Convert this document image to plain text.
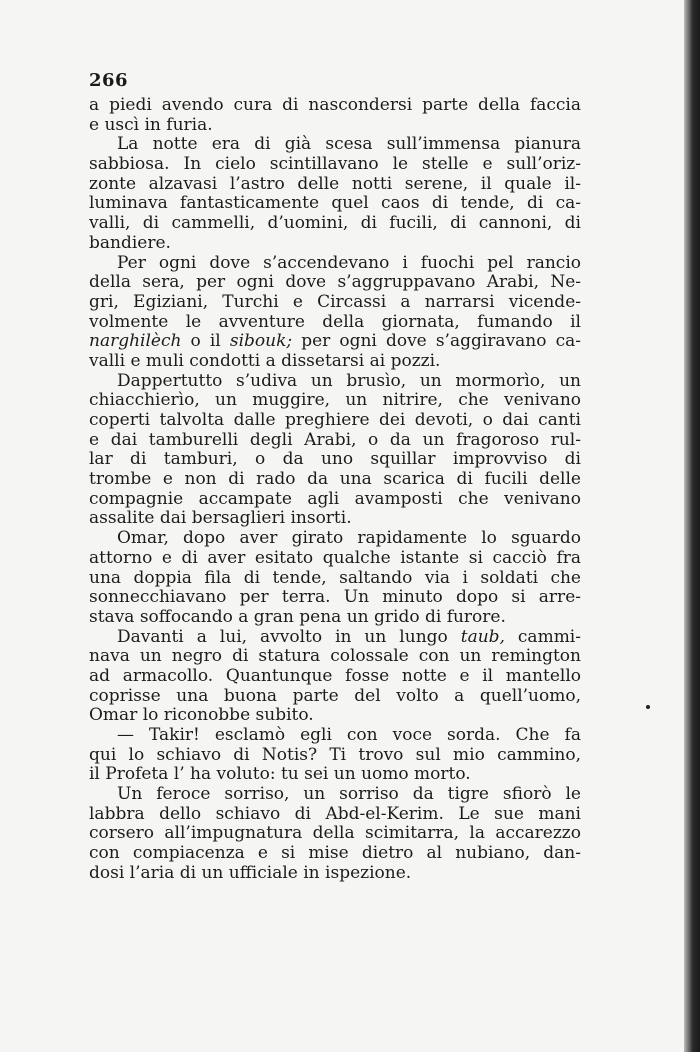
266
a piedi avendo cura di nascondersi parte della faccia
e uscì in furia.
La notte era di già scesa sull’immensa pianura
sabbiosa. In cielo scintillavano le stelle e sull’oriz-
zonte alzavasi l’astro delle notti serene, il quale il-
luminava fantasticamente quel caos di tende, di ca-
valli, di cammelli, d’uomini, di fucili, di cannoni, di
bandiere.
Per ogni dove s’accendevano i fuochi pel rancio
della sera, per ogni dove s’aggruppavano Arabi, Ne-
gri, Egiziani, Turchi e Circassi a narrarsi vicende-
volmente le avventure della giornata, fumando il
narghilèch o il sibouk; per ogni dove s’aggiravano ca-
valli e muli condotti a dissetarsi ai pozzi.
Dappertutto s’udiva un brusìo, un mormorìo, un
chiacchierìo, un muggire, un nitrire, che venivano
coperti talvolta dalle preghiere dei devoti, o dai canti
e dai tamburelli degli Arabi, o da un fragoroso rul-
lar di tamburi, o da uno squillar improvviso di
trombe e non di rado da una scarica di fucili delle
compagnie accampate agli avamposti che venivano
assalite dai bersaglieri insorti.
Omar, dopo aver girato rapidamente lo sguardo
attorno e di aver esitato qualche istante si cacciò fra
una doppia fila di tende, saltando via i soldati che
sonnecchiavano per terra. Un minuto dopo si arre-
stava soffocando a gran pena un grido di furore.
Davanti a lui, avvolto in un lungo taub, cammi-
nava un negro di statura colossale con un remington
ad armacollo. Quantunque fosse notte e il mantello
coprisse una buona parte del volto a quell’uomo,
Omar lo riconobbe subito.
— Takir! esclamò egli con voce sorda. Che fa
qui lo schiavo di Notis? Ti trovo sul mio cammino,
il Profeta l’ ha voluto: tu sei un uomo morto.
Un feroce sorriso, un sorriso da tigre sfiorò le
labbra dello schiavo di Abd-el-Kerim. Le sue mani
corsero all’impugnatura della scimitarra, la accarezzo
con compiacenza e si mise dietro al nubiano, dan-
dosi l’aria di un ufficiale in ispezione.
